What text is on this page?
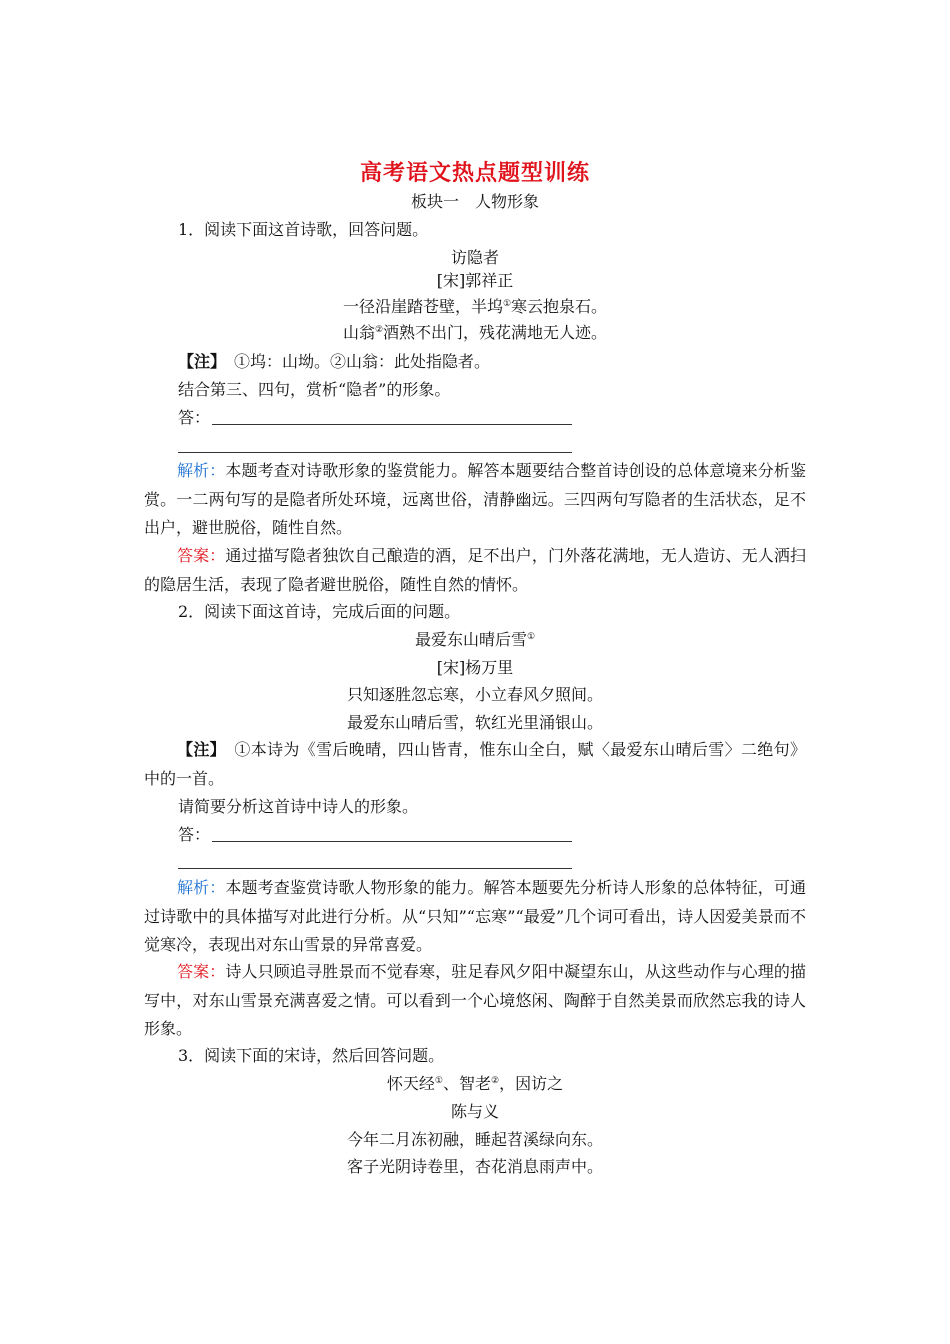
高考语文热点题型训练
板块一　人物形象
1．阅读下面这首诗歌，回答问题。
访隐者
[宋]郭祥正
一径沿崖踏苍壁，半坞①寒云抱泉石。
山翁②酒熟不出门，残花满地无人迹。
【注】　①坞：山坳。②山翁：此处指隐者。
结合第三、四句，赏析“隐者”的形象。
答：
解析：本题考查对诗歌形象的鉴赏能力。解答本题要结合整首诗创设的总体意境来分析鉴赏。一二两句写的是隐者所处环境，远离世俗，清静幽远。三四两句写隐者的生活状态，足不出户，避世脱俗，随性自然。
答案：通过描写隐者独饮自己酿造的酒，足不出户，门外落花满地，无人造访、无人洒扫的隐居生活，表现了隐者避世脱俗，随性自然的情怀。
2．阅读下面这首诗，完成后面的问题。
最爱东山晴后雪①
[宋]杨万里
只知逐胜忽忘寒，小立春风夕照间。
最爱东山晴后雪，软红光里涌银山。
【注】　①本诗为《雪后晚晴，四山皆青，惟东山全白，赋〈最爱东山晴后雪〉二绝句》中的一首。
请简要分析这首诗中诗人的形象。
答：
解析：本题考查鉴赏诗歌人物形象的能力。解答本题要先分析诗人形象的总体特征，可通过诗歌中的具体描写对此进行分析。从“只知”“忘寒”“最爱”几个词可看出，诗人因爱美景而不觉寒冷，表现出对东山雪景的异常喜爱。
答案：诗人只顾追寻胜景而不觉春寒，驻足春风夕阳中凝望东山，从这些动作与心理的描写中，对东山雪景充满喜爱之情。可以看到一个心境悠闲、陶醉于自然美景而欣然忘我的诗人形象。
3．阅读下面的宋诗，然后回答问题。
怀天经①、智老②，因访之
陈与义
今年二月冻初融，睡起苕溪绿向东。
客子光阴诗卷里，杏花消息雨声中。
